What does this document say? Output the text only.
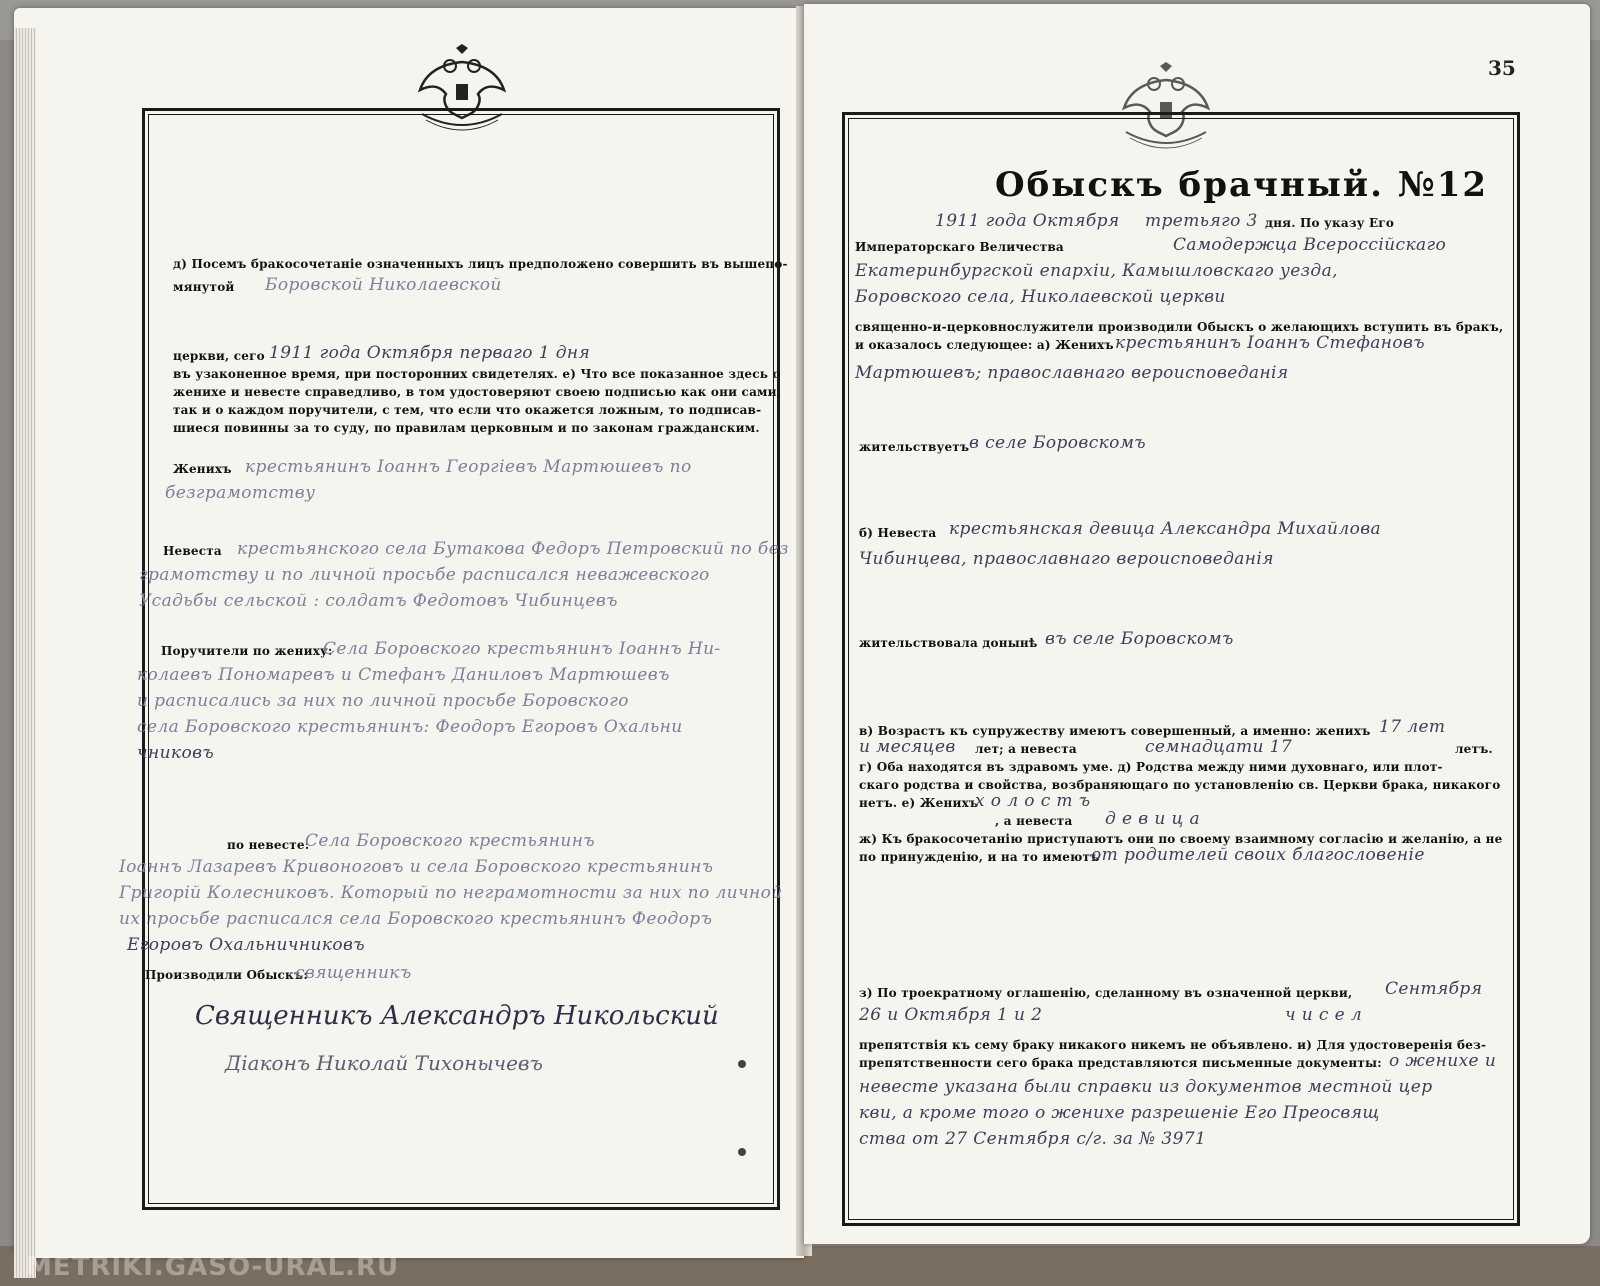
д) Посемъ бракосочетанiе означенныхъ лицъ предположено совершить въ вышепо-
мянутой Боровской Николаевской
церкви, сего 1911 года Октября перваго 1 дня
въ узаконенное время, при посторонних свидетелях. е) Что все показанное здесь о
женихе и невесте справедливо, в том удостоверяют своею подписью как они сами,
так и о каждом поручители, с тем, что если что окажется ложным, то подписав-
шиеся повинны за то суду, по правилам церковным и по законам гражданским.
Женихъ крестьянинъ Iоаннъ Георгiевъ Мартюшевъ по
безграмотству
Невеста крестьянского села Бутакова Федоръ Петровский по без
грамотству и по личной просьбе расписался неважевского
Усадьбы сельской : солдатъ Федотовъ Чибинцевъ
Поручители по жениху:
Села Боровского крестьянинъ Iоаннъ Ни-
колаевъ Пономаревъ и Стефанъ Даниловъ Мартюшевъ
и расписались за них по личной просьбе Боровского
села Боровского крестьянинъ: Феодоръ Егоровъ Охальни
чниковъ
по невесте:
Села Боровского крестьянинъ
Iоаннъ Лазаревъ Кривоноговъ и села Боровского крестьянинъ
Григорiй Колесниковъ. Который по неграмотности за них по личной
их просьбе расписался села Боровского крестьянинъ Феодоръ
Егоровъ Охальничниковъ
Производили Обыскъ:
священникъ
Священникъ Александръ Никольский
Дiаконъ Николай Тихонычевъ
35
Обыскъ брачный. №12
1911 года Октября третьяго 3 дня. По указу Его
Императорскаго Величества	Самодержца Всероссiйскаго
Екатеринбургской епархiи, Камышловскаго уезда,
Боровского села, Николаевской церкви
священно-и-церковнослужители производили Обыскъ о желающихъ вступить въ бракъ,
и оказалось следующее: а) Женихъ крестьянинъ Iоаннъ Стефановъ
Мартюшевъ; православнаго вероисповеданiя
жительствуетъ в селе Боровскомъ
б) Невеста крестьянская девица Александра Михайлова
Чибинцева, православнаго вероисповеданiя
жительствовала донынѣ въ селе Боровскомъ
в) Возрастъ къ супружеству имеютъ совершенный, а именно: женихъ 17 лет
и месяцев лет; а невеста	семнадцати 17	летъ.
г) Оба находятся въ здравомъ уме. д) Родства между ними духовнаго, или плот-
скаго родства и свойства, возбраняющаго по установленiю св. Церкви брака, никакого
нетъ. е) Женихъ
х о л о с т ъ
, а невеста д е в и ц а
ж) Къ бракосочетанiю приступаютъ они по своему взаимному согласiю и желанiю, а не
по принужденiю, и на то имеютъ
от родителей своих благословенiе
з) По троекратному оглашенiю, сделанному въ означенной церкви, Сентября
26 и Октября 1 и 2	ч и с е л
препятствiя къ сему браку никакого никемъ не объявлено. и) Для удостоверенiя без-
препятственности сего брака представляются письменные документы: о женихе и
невесте указана были справки из документов местной цер
кви, а кроме того о женихе разрешенiе Его Преосвящ
ства от 27 Сентября с/г. за № 3971
METRIKI.GASO-URAL.RU
